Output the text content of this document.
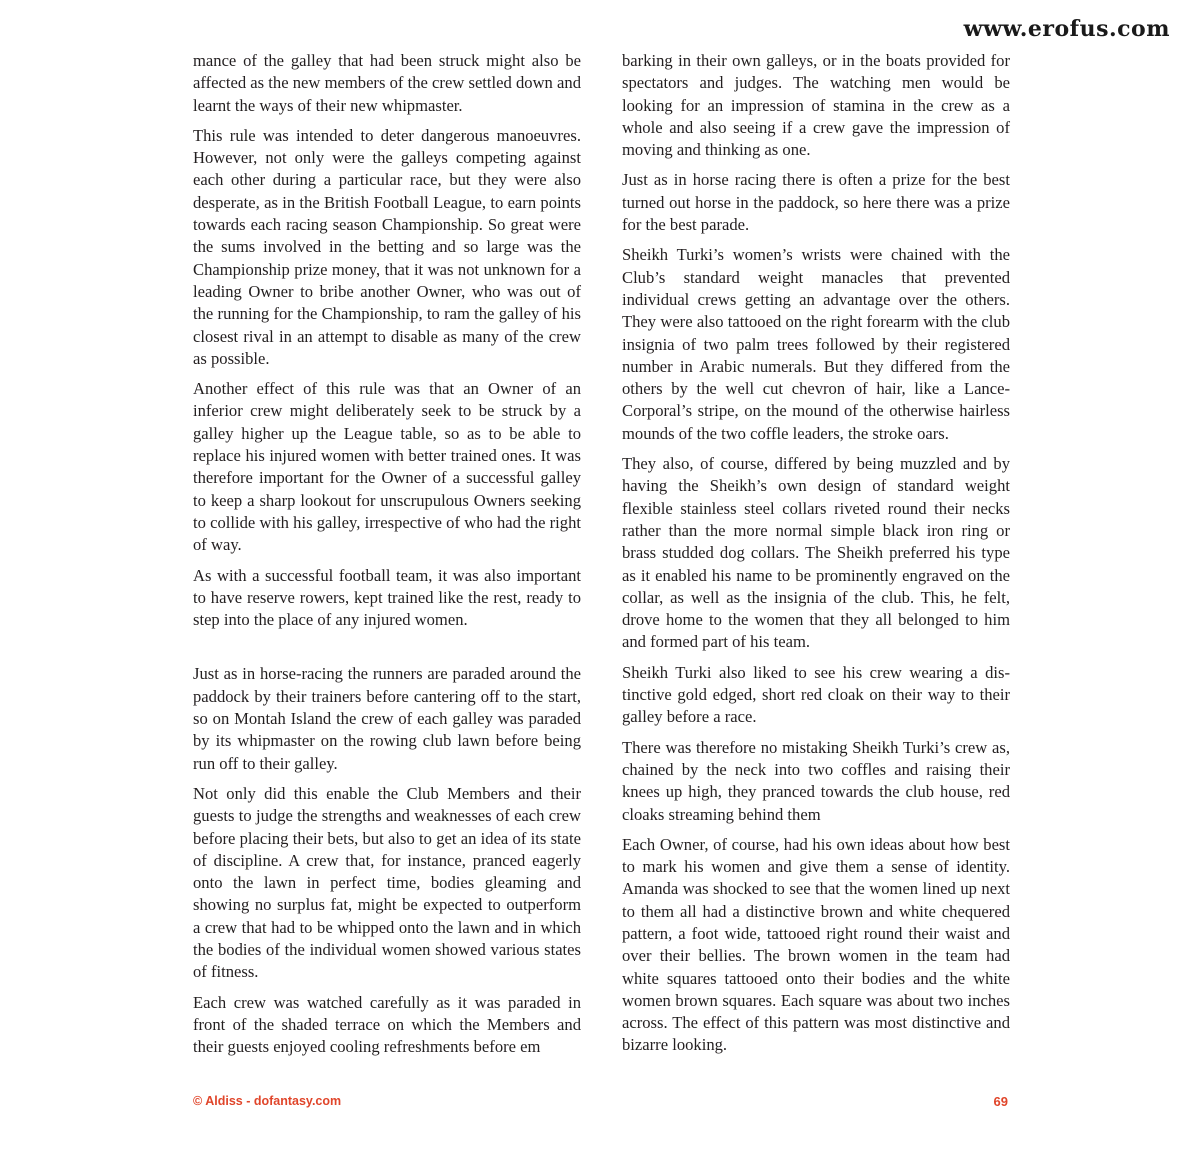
www.erofus.com

mance of the galley that had been struck might also be affected as the new members of the crew settled down and learnt the ways of their new whipmaster.

This rule was intended to deter dangerous manoeuvres. However, not only were the galleys competing against each other during a particular race, but they were also desperate, as in the British Football League, to earn points towards each racing season Championship. So great were the sums involved in the betting and so large was the Championship prize money, that it was not unknown for a leading Owner to bribe another Owner, who was out of the running for the Championship, to ram the galley of his closest rival in an attempt to disable as many of the crew as possible.

Another effect of this rule was that an Owner of an inferior crew might deliberately seek to be struck by a galley higher up the League table, so as to be able to replace his injured women with better trained ones. It was therefore important for the Owner of a successful galley to keep a sharp lookout for unscrupulous Owners seeking to collide with his galley, irrespective of who had the right of way.

As with a successful football team, it was also important to have reserve rowers, kept trained like the rest, ready to step into the place of any injured women.

Just as in horse-racing the runners are paraded around the paddock by their trainers before cantering off to the start, so on Montah Island the crew of each galley was paraded by its whipmaster on the rowing club lawn before being run off to their galley.

Not only did this enable the Club Members and their guests to judge the strengths and weaknesses of each crew before placing their bets, but also to get an idea of its state of discipline. A crew that, for instance, pranced eagerly onto the lawn in perfect time, bodies gleaming and showing no surplus fat, might be expected to outperform a crew that had to be whipped onto the lawn and in which the bodies of the individual women showed various states of fitness.

Each crew was watched carefully as it was paraded in front of the shaded terrace on which the Members and their guests enjoyed cooling refreshments before em

barking in their own galleys, or in the boats provided for spectators and judges. The watching men would be looking for an impression of stamina in the crew as a whole and also seeing if a crew gave the impression of moving and thinking as one.

Just as in horse racing there is often a prize for the best turned out horse in the paddock, so here there was a prize for the best parade.

Sheikh Turki’s women’s wrists were chained with the Club’s standard weight manacles that prevented individual crews getting an advantage over the others. They were also tattooed on the right forearm with the club insignia of two palm trees followed by their registered number in Arabic numerals. But they differed from the others by the well cut chevron of hair, like a Lance-Corporal’s stripe, on the mound of the otherwise hairless mounds of the two coffle leaders, the stroke oars.

They also, of course, differed by being muzzled and by having the Sheikh’s own design of standard weight flexible stainless steel collars riveted round their necks rather than the more normal simple black iron ring or brass studded dog collars. The Sheikh preferred his type as it enabled his name to be prominently engraved on the collar, as well as the insignia of the club. This, he felt, drove home to the women that they all belonged to him and formed part of his team.

Sheikh Turki also liked to see his crew wearing a distinctive gold edged, short red cloak on their way to their galley before a race.

There was therefore no mistaking Sheikh Turki’s crew as, chained by the neck into two coffles and raising their knees up high, they pranced towards the club house, red cloaks streaming behind them

Each Owner, of course, had his own ideas about how best to mark his women and give them a sense of identity. Amanda was shocked to see that the women lined up next to them all had a distinctive brown and white chequered pattern, a foot wide, tattooed right round their waist and over their bellies. The brown women in the team had white squares tattooed onto their bodies and the white women brown squares. Each square was about two inches across. The effect of this pattern was most distinctive and bizarre looking.

© Aldiss - dofantasy.com	69
